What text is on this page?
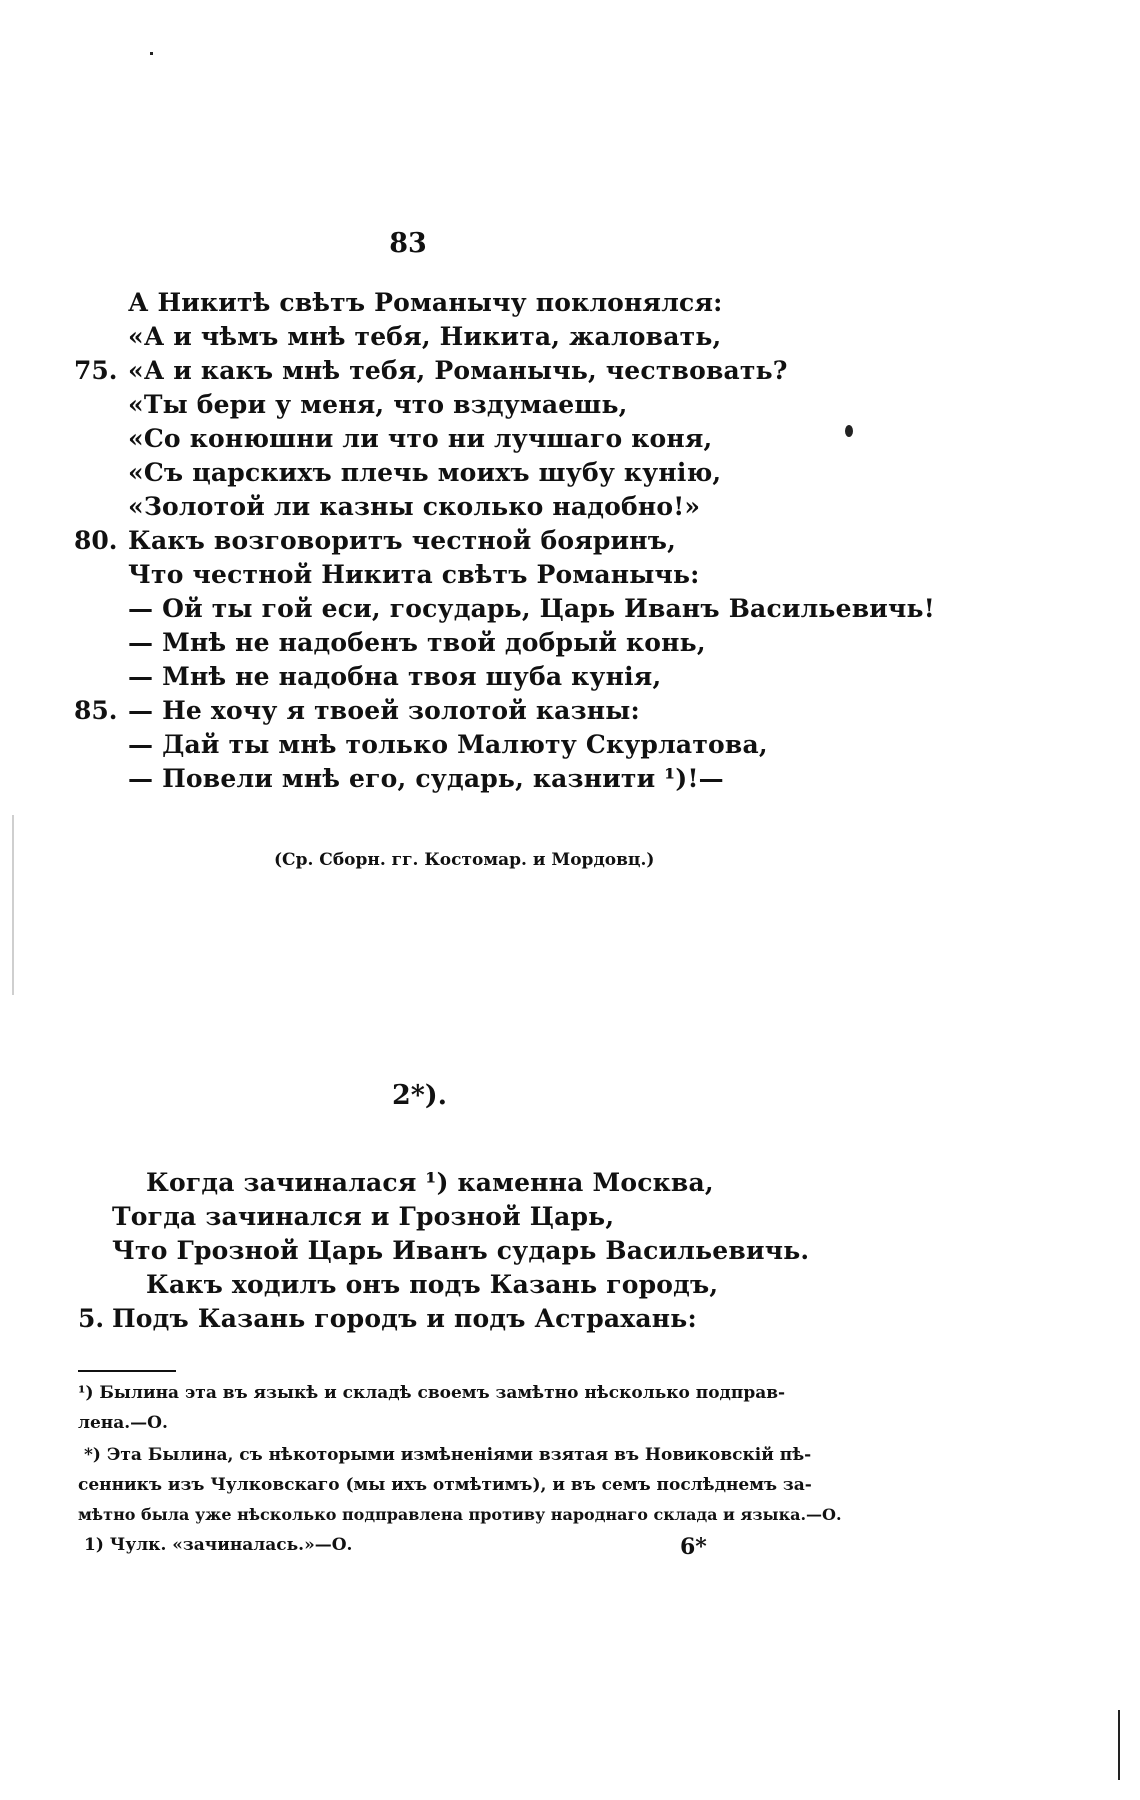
83
А Никитѣ свѣтъ Романычу поклонялся:
«А и чѣмъ мнѣ тебя, Никита, жаловать,
75. «А и какъ мнѣ тебя, Романычь, чествовать?
«Ты бери у меня, что вздумаешь,
«Со конюшни ли что ни лучшаго коня,
«Съ царскихъ плечь моихъ шубу кунію,
«Золотой ли казны сколько надобно!»
80. Какъ возговоритъ честной бояринъ,
Что честной Никита свѣтъ Романычь:
— Ой ты гой еси, государь, Царь Иванъ Васильевичь!
— Мнѣ не надобенъ твой добрый конь,
— Мнѣ не надобна твоя шуба кунія,
85. — Не хочу я твоей золотой казны:
— Дай ты мнѣ только Малюту Скурлатова,
— Повели мнѣ его, сударь, казнити ¹)!—
(Ср. Сборн. гг. Костомар. и Мордовц.)
2*).
Когда зачиналася ¹) каменна Москва,
Тогда зачинался и Грозной Царь,
Что Грозной Царь Иванъ сударь Васильевичь.
Какъ ходилъ онъ подъ Казань городъ,
5. Подъ Казань городъ и подъ Астрахань:
¹) Былина эта въ языкѣ и складѣ своемъ замѣтно нѣсколько подправ-
лена.—О.
*) Эта Былина, съ нѣкоторыми измѣненіями взятая въ Новиковскій пѣ-
сенникъ изъ Чулковскаго (мы ихъ отмѣтимъ), и въ семъ послѣднемъ за-
мѣтно была уже нѣсколько подправлена противу народнаго склада и языка.—О.
1) Чулк. «зачиналась.»—О.	6*
